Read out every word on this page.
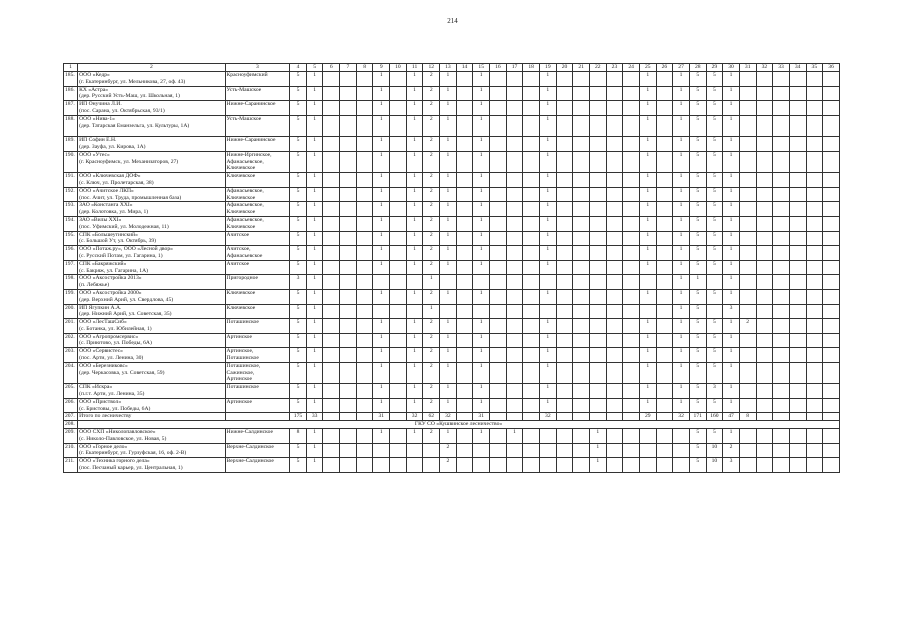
214
1	2	3	4	5	6	7	8	9	10	11	12	13	14	15	16	17	18	19	20	21	22	23	24	25	26	27	28	29	30	31	32	33	34	35	36
185.	ООО «Кедр»
(г. Екатеринбург, ул. Мельникова, 27, оф. 43)	Красноуфимский	5	1				1		1	2	1		1				1						1		1	5	5	1						
186.	КХ «Астра»
(дер. Русский Усть-Маш, ул. Школьная, 1)	Усть-Машское	5	1				1		1	2	1		1				1						1		1	5	5	1						
187.	ИП Онучина Л.И.
(пос. Сарана, ул. Октябрьская, 93/1)	Нижне-Саранинское	5	1				1		1	2	1		1				1						1		1	5	5	1						
188.	ООО «Нива-1»
(дер. Татарская Еманзельга, ул. Культуры, 1А)	Усть-Машское	5	1				1		1	2	1		1				1						1		1	5	5	1						
189.	ИП Софин Е.Н.
(дер. Зауфа, ул. Кирова, 1А)	Нижне-Саранинское	5	1				1		1	2	1		1				1						1		1	5	5	1						
190.	ООО «Утес»
(г. Красноуфимск, ул. Механизаторов, 27)	Нижне-Иргинское,
Афанасьевское,
Ключевское	5	1				1		1	2	1		1				1						1		1	5	5	1						
191.	ООО «Ключевская ДОФ»
(с. Ключ, ул. Пролетарская, 38)	Ключевское	5	1				1		1	2	1		1				1						1		1	5	5	1						
192.	ООО «Ачитское ЛКП»
(пос. Ачит, ул. Труда, промышленная база)	Афанасьевское,
Ключевское	5	1				1		1	2	1		1				1						1		1	5	5	1						
193.	ЗАО «Констанга XXI»
(дер. Колотовка, ул. Мира, 1)	Афанасьевское,
Ключевское	5	1				1		1	2	1		1				1						1		1	5	5	1						
194.	ЗАО «Вилы XXI»
(пос. Уфимский, ул. Молодежная, 11)	Афанасьевское,
Ключевское	5	1				1		1	2	1		1				1						1		1	5	5	1						
195.	СПК «Большеутинский»
(с. Большой Ут, ул. Октябрь, 39)	Ачитское	5	1				1		1	2	1		1				1						1		1	5	5	1						
196.	ООО «Потаж.ру», ООО «Лесной двор»
(с. Русский Потам, ул. Гагарина, 1)	Ачитское,
Афанасьевское	5	1				1		1	2	1		1				1						1		1	5	5	1						
197.	СПК «Бакряжский»
(с. Бакряж, ул. Гагарина, 1А)	Ачитское	5	1				1		1	2	1		1				1						1		1	5	5	1						
198.	ООО «Аксостройка 2013»
(п. Лебяжье)	Пригородное	3	1							1															1	1		1						
199.	ООО «Аксостройка 2000»
(дер. Верхний Арий, ул. Свердлова, 45)	Ключевское	5	1				1		1	2	1		1				1						1		1	5	5	1						
200.	ИП Ягупкин А.А.
(дер. Нижний Арий, ул. Советская, 35)	Ключевское	5	1							1															1	5		3						
201.	ООО «ЛесТашСиб»
(с. Ботанка, ул. Юбилейная, 1)	Поташинское	5	1				1		1	2	1		1				1						1		1	5	5	1	2					
202.	ООО «Агропромсервис»
(с. Приютово, ул. Победы, 6А)	Артинское	5	1				1		1	2	1		1				1						1		1	5	5	1						
203.	ООО «Сервистес»
(пос. Арти, ул. Ленина, 30)	Артинское,
Поташинское	5	1				1		1	2	1		1				1						1		1	5	5	1						
204.	ООО «Березниковс»
(дер. Черкасовка, ул. Советская, 59)	Поташинское,
Сажинское,
Артинское	5	1				1		1	2	1		1				1						1		1	5	5	1						
205.	СПК «Искра»
(п.г.т. Арти, ул. Ленина, 35)	Поташинское	5	1				1		1	2	1		1				1						1		1	5	3	1						
206.	ООО «Приствол»
(с. Бристовы, ул. Победы, 6А)	Артинское	5	1				1		1	2	1		1				1						1		1	5	5	1						
207.	Итого по лесничеству		175	33				31		32	62	32		31				32						29		32	171	160	47	8					
208.	ГКУ СО «Кушвинское лесничество»																																		
209.	ООО СХП «Николопавловское»
(с. Николо-Павловское, ул. Новая, 5)	Нижне-Салдинское	8	1				1		1	2	1		1		1					1						5	5	1						
210.	ООО «Горное дело»
(г. Екатеринбург, ул. Гурзуфская, 16, оф. 2-В)	Верхне-Салдинское	5	1								2									1						5	10	2						
211.	ООО «Техника горного дела»
(пос. Песчаный карьер, ул. Центральная, 1)	Верхне-Салдинское	5	1								2									1						5	10	3						
